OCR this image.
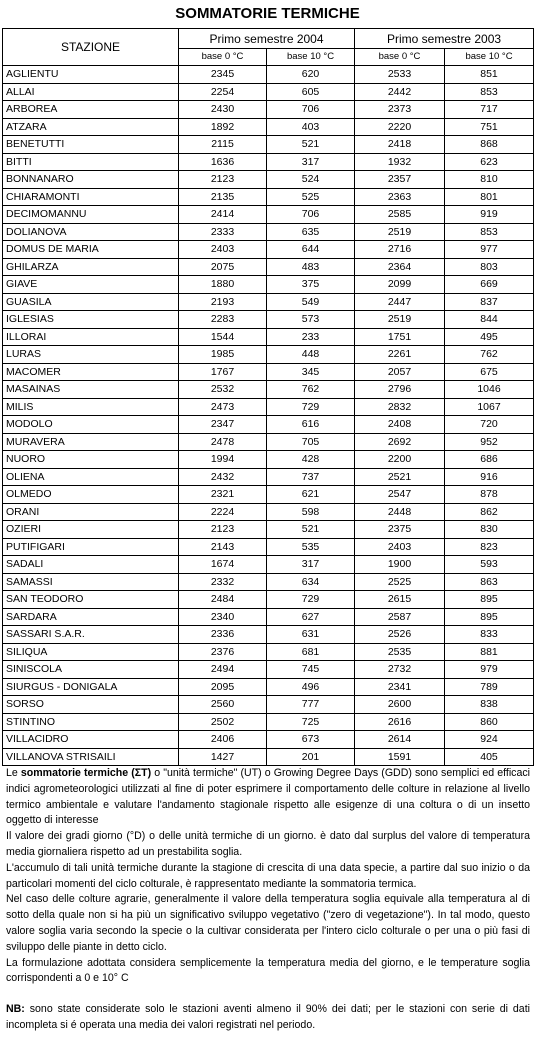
SOMMATORIE TERMICHE
STAZIONE	Primo semestre 2004		Primo semestre 2003	
	base 0 °C	base 10 °C	base 0 °C	base 10 °C
AGLIENTU	2345	620	2533	851
ALLAI	2254	605	2442	853
ARBOREA	2430	706	2373	717
ATZARA	1892	403	2220	751
BENETUTTI	2115	521	2418	868
BITTI	1636	317	1932	623
BONNANARO	2123	524	2357	810
CHIARAMONTI	2135	525	2363	801
DECIMOMANNU	2414	706	2585	919
DOLIANOVA	2333	635	2519	853
DOMUS DE MARIA	2403	644	2716	977
GHILARZA	2075	483	2364	803
GIAVE	1880	375	2099	669
GUASILA	2193	549	2447	837
IGLESIAS	2283	573	2519	844
ILLORAI	1544	233	1751	495
LURAS	1985	448	2261	762
MACOMER	1767	345	2057	675
MASAINAS	2532	762	2796	1046
MILIS	2473	729	2832	1067
MODOLO	2347	616	2408	720
MURAVERA	2478	705	2692	952
NUORO	1994	428	2200	686
OLIENA	2432	737	2521	916
OLMEDO	2321	621	2547	878
ORANI	2224	598	2448	862
OZIERI	2123	521	2375	830
PUTIFIGARI	2143	535	2403	823
SADALI	1674	317	1900	593
SAMASSI	2332	634	2525	863
SAN TEODORO	2484	729	2615	895
SARDARA	2340	627	2587	895
SASSARI S.A.R.	2336	631	2526	833
SILIQUA	2376	681	2535	881
SINISCOLA	2494	745	2732	979
SIURGUS - DONIGALA	2095	496	2341	789
SORSO	2560	777	2600	838
STINTINO	2502	725	2616	860
VILLACIDRO	2406	673	2614	924
VILLANOVA STRISAILI	1427	201	1591	405

Le sommatorie termiche (ΣT) o "unità termiche" (UT) o Growing Degree Days (GDD) sono semplici ed efficaci indici agrometeorologici utilizzati al fine di poter esprimere il comportamento delle colture in relazione al livello termico ambientale e valutare l'andamento stagionale rispetto alle esigenze di una coltura o di un insetto oggetto di interesse

Il valore dei gradi giorno (°D) o delle unità termiche di un giorno. è dato dal surplus del valore di temperatura media giornaliera rispetto ad un prestabilita soglia.

L'accumulo di tali unità termiche durante la stagione di crescita di una data specie, a partire dal suo inizio o da particolari momenti del ciclo colturale, è rappresentato mediante la sommatoria termica.

Nel caso delle colture agrarie, generalmente il valore della temperatura soglia equivale alla temperatura al di sotto della quale non si ha più un significativo sviluppo vegetativo ("zero di vegetazione"). In tal modo, questo valore soglia varia secondo la specie o la cultivar considerata per l'intero ciclo colturale o per una o più fasi di sviluppo delle piante in detto ciclo.

La formulazione adottata considera semplicemente la temperatura media del giorno, e le temperature soglia corrispondenti a 0 e 10° C

NB: sono state considerate solo le stazioni aventi almeno il 90% dei dati; per le stazioni con serie di dati incompleta si é operata una media dei valori registrati nel periodo.
